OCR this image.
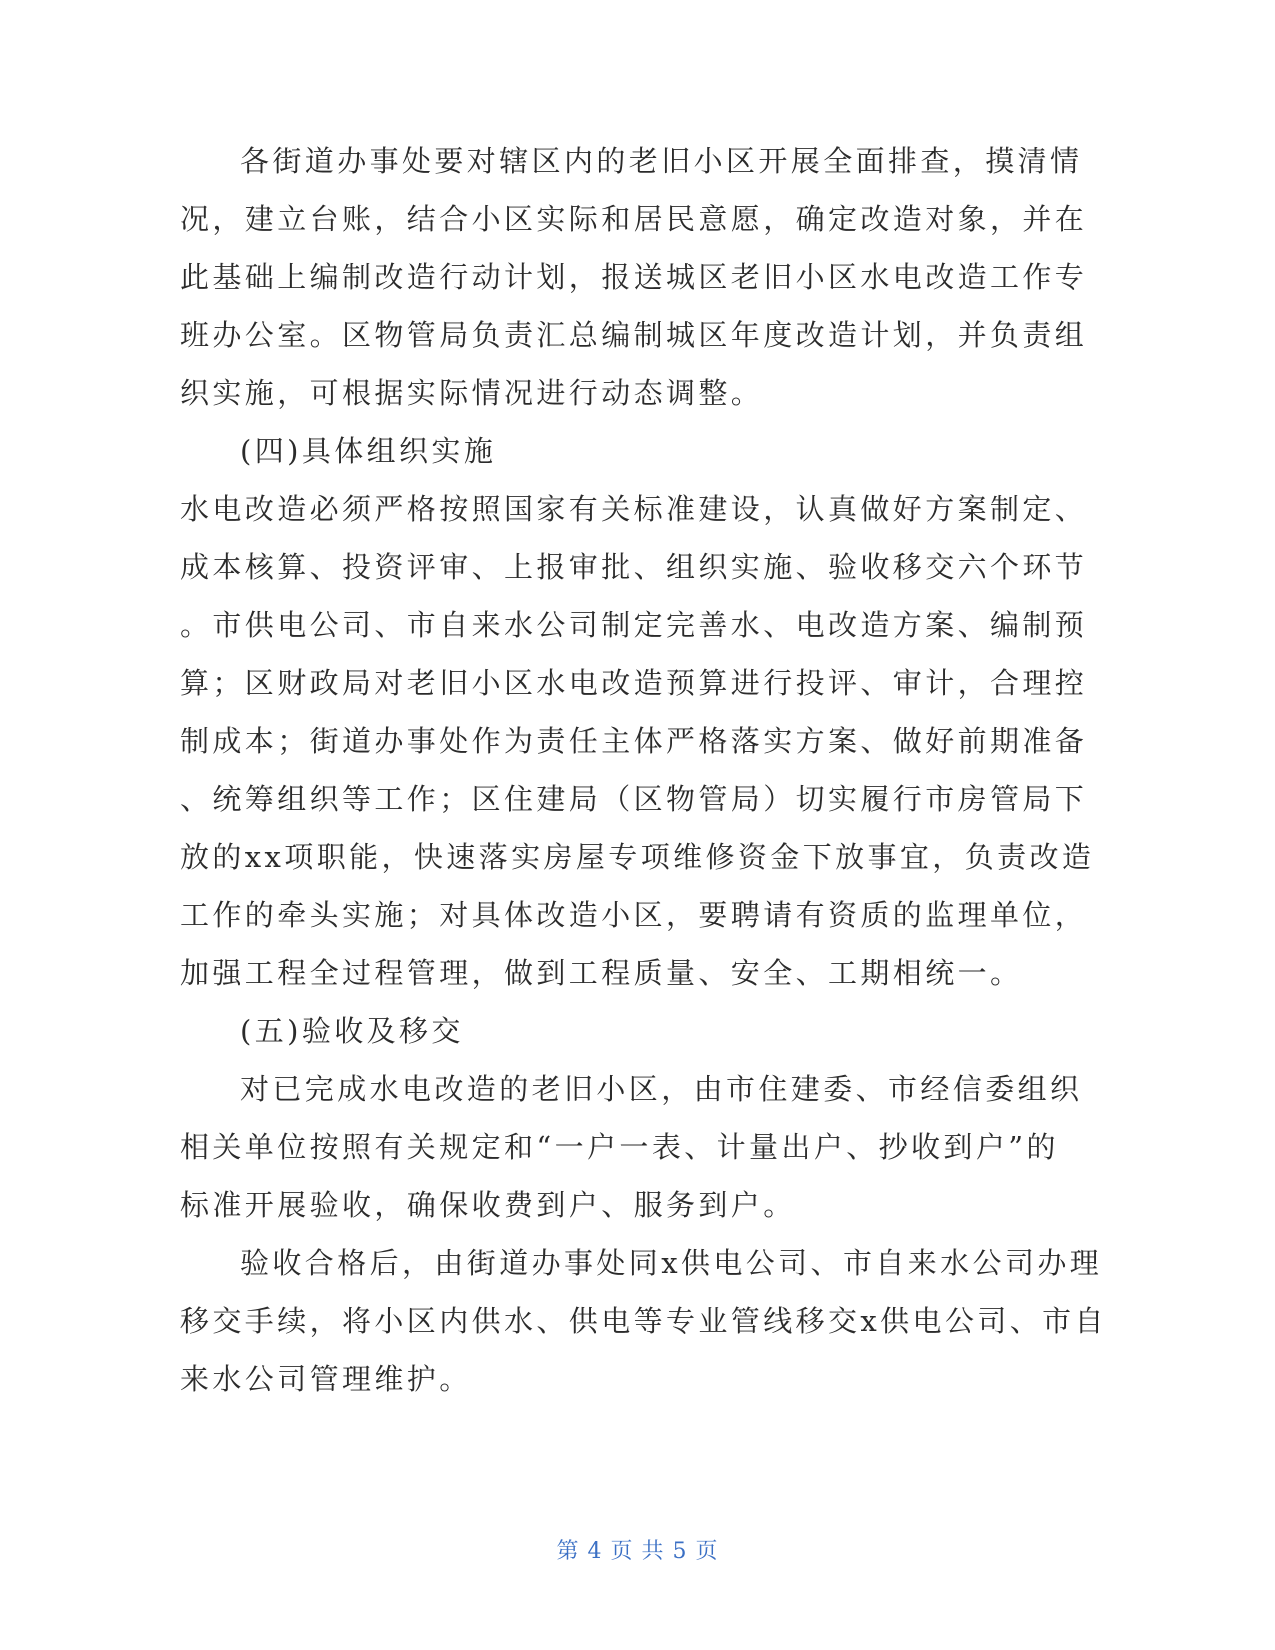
各街道办事处要对辖区内的老旧小区开展全面排查，摸清情
况，建立台账，结合小区实际和居民意愿，确定改造对象，并在
此基础上编制改造行动计划，报送城区老旧小区水电改造工作专
班办公室。区物管局负责汇总编制城区年度改造计划，并负责组
织实施，可根据实际情况进行动态调整。
(四)具体组织实施
水电改造必须严格按照国家有关标准建设，认真做好方案制定、
成本核算、投资评审、上报审批、组织实施、验收移交六个环节
。市供电公司、市自来水公司制定完善水、电改造方案、编制预
算；区财政局对老旧小区水电改造预算进行投评、审计，合理控
制成本；街道办事处作为责任主体严格落实方案、做好前期准备
、统筹组织等工作；区住建局（区物管局）切实履行市房管局下
放的xx项职能，快速落实房屋专项维修资金下放事宜，负责改造
工作的牵头实施；对具体改造小区，要聘请有资质的监理单位，
加强工程全过程管理，做到工程质量、安全、工期相统一。
(五)验收及移交
对已完成水电改造的老旧小区，由市住建委、市经信委组织
相关单位按照有关规定和“一户一表、计量出户、抄收到户”的
标准开展验收，确保收费到户、服务到户。
验收合格后，由街道办事处同x供电公司、市自来水公司办理
移交手续，将小区内供水、供电等专业管线移交x供电公司、市自
来水公司管理维护。
第 4 页 共 5 页
